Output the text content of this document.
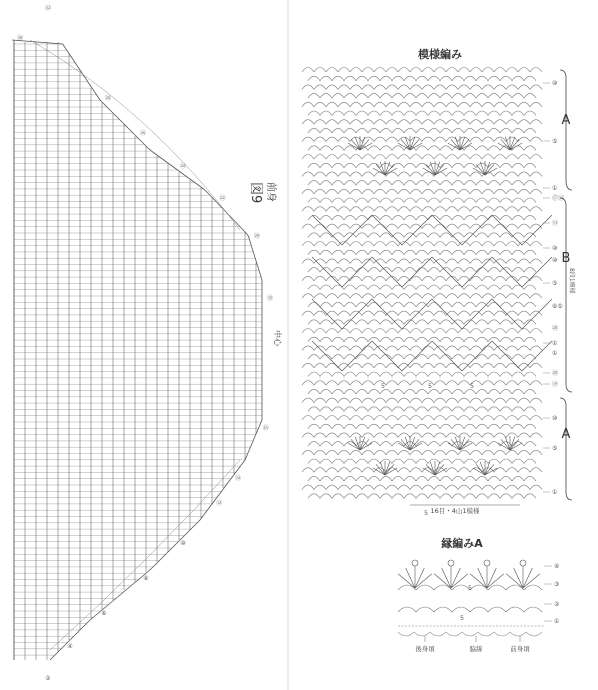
㉜
㉚
㉘
㉖
㉔
㉒
⑳
⑱
⑯
⑭
⑫
⑩
⑧
⑥
④
②
図9 前身
中心
模様編み
5	5	5
5
⑩
⑤
①
⑰⑭
⑬
⑩
⑤
①
⑳
⑲
⑩
⑤
①
⑥⑤
⑩
⑳
①
A
B
8段1模様
A
16目・4山1模様
縁編みA
5
5
④
③
②
①
後身頃	脇線	前身頃
